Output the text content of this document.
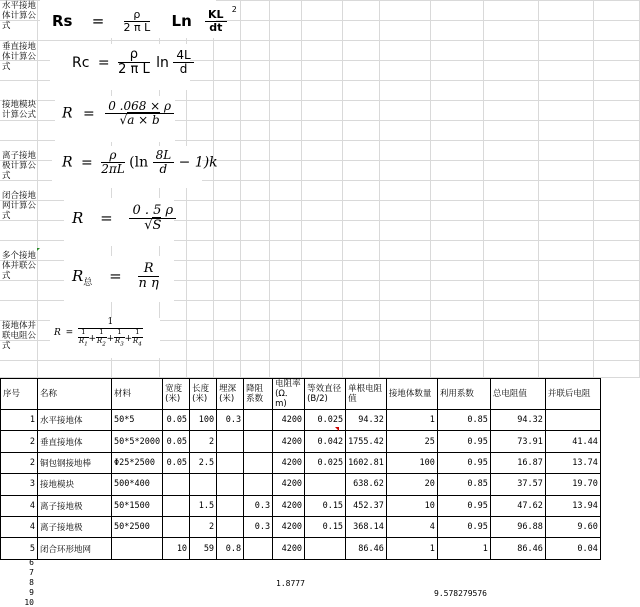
水平接地体计算公式
垂直接地体计算公式
接地模块计算公式
离子接地极计算公式
闭合接地网计算公式
多个接地体并联公式
接地体并联电阻公式
$Rs = \frac{\rho}{\text{2 π L}}$ Ln $\frac{KL}{dt} ^2$
$Rc = \frac{\rho}{\text{2 π L}}$ $\ln \frac{4L}{d}$
$R = \frac{0 .068 \times \rho}{√a \times b}$
$R = \frac{\rho}{2\pi L} (\ln \frac{8L}{d} - 1)k$
$R = \frac{0 . 5 \rho}{√S}$
$R_总 = \frac{R}{\text{n η}}$
$R = \frac{1}{\frac{1}{R_1} + \frac{1}{R_2} + \frac{1}{R_3} + \frac{1}{R_4}}$
序号	名称	材料	宽度(米)	长度(米)	埋深(米)	降阻系数	电阻率(Ω．m)	等效直径(B/2)	单根电阻值	接地体数量	利用系数	总电阻值	并联后电阻
1	水平接地体	50*5	0.05	100	0.3		4200	0.025	94.32	1	0.85	94.32	
2	垂直接地体	50*5*2000	0.05	2			4200	0.042	1755.42	25	0.95	73.91	41.44
2	铜包钢接地棒	Φ25*2500	0.05	2.5			4200	0.025	1602.81	100	0.95	16.87	13.74
3	接地模块	500*400					4200		638.62	20	0.85	37.57	19.70
4	离子接地极	50*1500		1.5		0.3	4200	0.15	452.37	10	0.95	47.62	13.94
4	离子接地极	50*2500		2		0.3	4200	0.15	368.14	4	0.95	96.88	9.60
5	闭合环形地网		10	59	0.8		4200		86.46	1	1	86.46	0.04
6
7
8
9
10
1.8777
9.578279576
